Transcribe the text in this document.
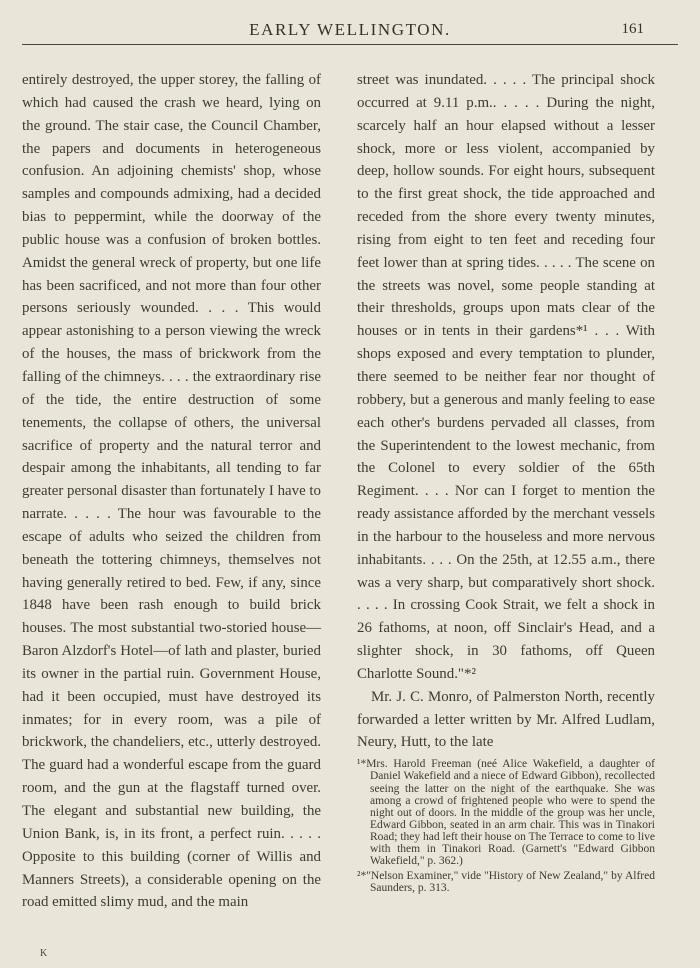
EARLY WELLINGTON.	161

entirely destroyed, the upper storey, the falling of which had caused the crash we heard, lying on the ground. The stair case, the Council Chamber, the papers and documents in heterogeneous confusion. An adjoining chemists' shop, whose samples and compounds admixing, had a decided bias to peppermint, while the doorway of the public house was a confusion of broken bottles. Amidst the general wreck of property, but one life has been sacrificed, and not more than four other persons seriously wounded. . . . This would appear astonishing to a person viewing the wreck of the houses, the mass of brickwork from the falling of the chimneys. . . . the extraordinary rise of the tide, the entire destruction of some tenements, the collapse of others, the universal sacrifice of property and the natural terror and despair among the inhabitants, all tending to far greater personal disaster than fortunately I have to narrate. . . . . The hour was favourable to the escape of adults who seized the children from beneath the tottering chimneys, themselves not having generally retired to bed. Few, if any, since 1848 have been rash enough to build brick houses. The most substantial two-storied house—Baron Alzdorf's Hotel—of lath and plaster, buried its owner in the partial ruin. Government House, had it been occupied, must have destroyed its inmates; for in every room, was a pile of brickwork, the chandeliers, etc., utterly destroyed. The guard had a wonderful escape from the guard room, and the gun at the flagstaff turned over. The elegant and substantial new building, the Union Bank, is, in its front, a perfect ruin. . . . . Opposite to this building (corner of Willis and Manners Streets), a considerable opening on the road emitted slimy mud, and the main

street was inundated. . . . . The principal shock occurred at 9.11 p.m.. . . . . During the night, scarcely half an hour elapsed without a lesser shock, more or less violent, accompanied by deep, hollow sounds. For eight hours, subsequent to the first great shock, the tide approached and receded from the shore every twenty minutes, rising from eight to ten feet and receding four feet lower than at spring tides. . . . . The scene on the streets was novel, some people standing at their thresholds, groups upon mats clear of the houses or in tents in their gardens*¹ . . . With shops exposed and every temptation to plunder, there seemed to be neither fear nor thought of robbery, but a generous and manly feeling to ease each other's burdens pervaded all classes, from the Superintendent to the lowest mechanic, from the Colonel to every soldier of the 65th Regiment. . . . Nor can I forget to mention the ready assistance afforded by the merchant vessels in the harbour to the houseless and more nervous inhabitants. . . . On the 25th, at 12.55 a.m., there was a very sharp, but comparatively short shock. . . . . In crossing Cook Strait, we felt a shock in 26 fathoms, at noon, off Sinclair's Head, and a slighter shock, in 30 fathoms, off Queen Charlotte Sound."*²

Mr. J. C. Monro, of Palmerston North, recently forwarded a letter written by Mr. Alfred Ludlam, Neury, Hutt, to the late

¹*Mrs. Harold Freeman (neé Alice Wakefield, a daughter of Daniel Wakefield and a niece of Edward Gibbon), recollected seeing the latter on the night of the earthquake. She was among a crowd of frightened people who were to spend the night out of doors. In the middle of the group was her uncle, Edward Gibbon, seated in an arm chair. This was in Tinakori Road; they had left their house on The Terrace to come to live with them in Tinakori Road. (Garnett's "Edward Gibbon Wakefield," p. 362.)

²*"Nelson Examiner," vide "History of New Zealand," by Alfred Saunders, p. 313.

K
